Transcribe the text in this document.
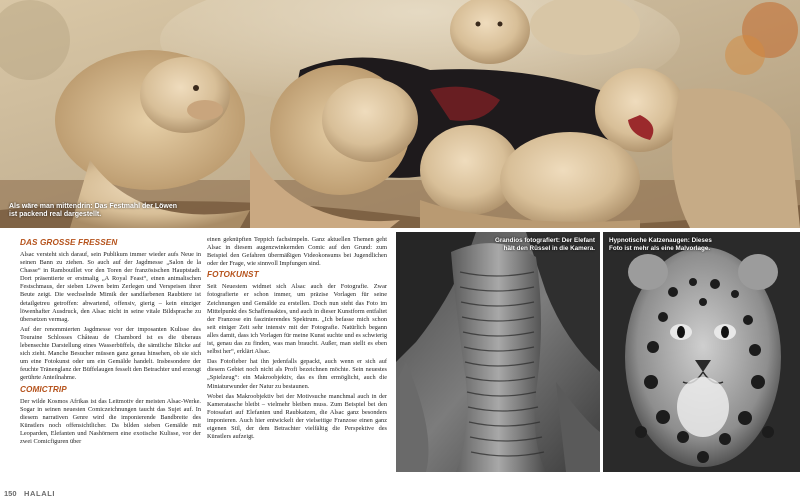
Als wäre man mittendrin: Das Festmahl der Löwen ist packend real dargestellt.
DAS GROSSE FRESSEN

Alsac versteht sich darauf, sein Publikum immer wieder aufs Neue in seinen Bann zu ziehen. So auch auf der Jagdmesse „Salon de la Chasse“ in Rambouillet vor den Toren der französischen Hauptstadt. Dort präsentierte er erstmalig „A Royal Feast“, einen animalischen Festschmaus, der sieben Löwen beim Zerlegen und Verspeisen ihrer Beute zeigt. Die wechselnde Mimik der sandfarbenen Raubtiere ist detailgetreu getroffen: abwartend, offensiv, gierig – kein einziger löwenhafter Ausdruck, den Alsac nicht in seine vitale Bildsprache zu übersetzen vermag.

Auf der renommierten Jagdmesse vor der imposanten Kulisse des Touraine Schlosses Château de Chambord ist es die überaus lebensechte Darstellung eines Wasserbüffels, die sämtliche Blicke auf sich zieht. Manche Besucher müssen ganz genau hinsehen, ob sie sich um eine Fotokunst oder um ein Gemälde handelt. Insbesondere der feuchte Tränenglanz der Büffelaugen fesselt den Betrachter und erzeugt gerührte Anteilnahme.

COMICTRIP

Der wilde Kosmos Afrikas ist das Leitmotiv der meisten Alsac-Werke. Sogar in seinen neuesten Comiczeichnungen taucht das Sujet auf. In diesem narrativen Genre wird die imponierende Bandbreite des Künstlers noch offensichtlicher. Da bilden sieben Gemälde mit Leoparden, Elefanten und Nashörnern eine exotische Kulisse, vor der zwei Comicfiguren über

einen geknüpften Teppich fachsimpeln. Ganz aktuellen Themen geht Alsac in diesem augenzwinkernden Comic auf den Grund: zum Beispiel den Gefahren übermäßigen Videokonsums bei Jugendlichen oder der Frage, wie sinnvoll Impfungen sind.

FOTOKUNST

Seit Neuestem widmet sich Alsac auch der Fotografie. Zwar fotografierte er schon immer, um präzise Vorlagen für seine Zeichnungen und Gemälde zu erstellen. Doch nun steht das Foto im Mittelpunkt des Schaffensaktes, und auch in dieser Kunstform entfaltet der Franzose ein faszinierendes Spektrum. „Ich befasse mich schon seit einiger Zeit sehr intensiv mit der Fotografie. Natürlich begann alles damit, dass ich Vorlagen für meine Kunst suchte und es schwierig ist, genau das zu finden, was man braucht. Außer, man stellt es eben selbst her“, erklärt Alsac.

Das Fotofieber hat ihn jedenfalls gepackt, auch wenn er sich auf diesem Gebiet noch nicht als Profi bezeichnen möchte. Sein neuestes „Spielzeug“: ein Makroobjektiv, das es ihm ermöglicht, auch die Miniaturwunder der Natur zu bestaunen.

Wobei das Makroobjektiv bei der Motivsuche manchmal auch in der Kameratasche bleibt – vielmehr bleiben muss. Zum Beispiel bei den Fotosafari auf Elefanten und Raubkatzen, die Alsac ganz besonders imponieren. Auch hier entwickelt der vielseitige Franzose einen ganz eigenen Stil, der dem Betrachter vielfältig die Perspektive des Künstlers aufzeigt.

Grandios fotografiert: Der Elefant hält den Rüssel in die Kamera.
Hypnotische Katzenaugen: Dieses Foto ist mehr als eine Malvorlage.
150 HALALI
